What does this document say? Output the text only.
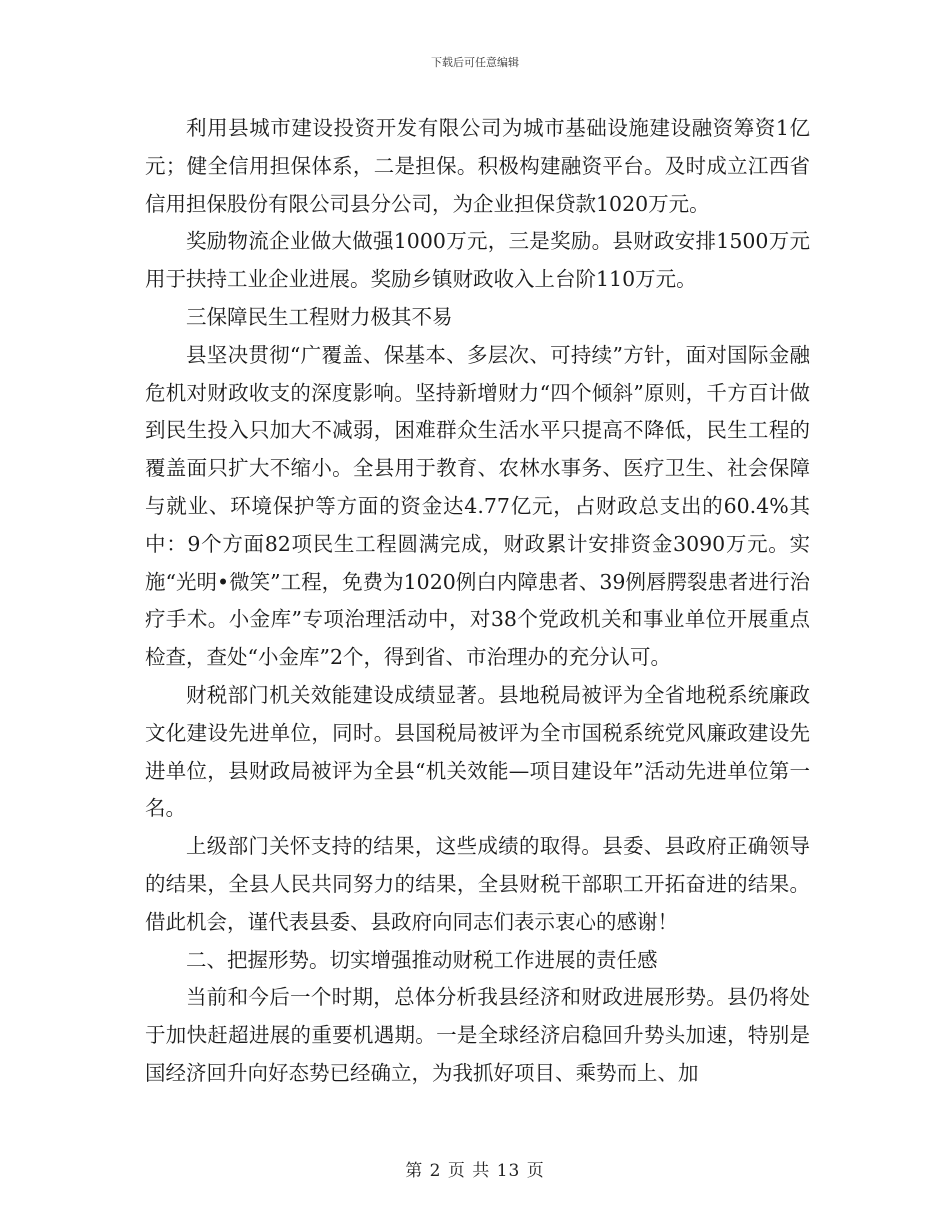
下载后可任意编辑

利用县城市建设投资开发有限公司为城市基础设施建设融资筹资1亿元；健全信用担保体系，二是担保。积极构建融资平台。及时成立江西省信用担保股份有限公司县分公司，为企业担保贷款1020万元。

奖励物流企业做大做强1000万元，三是奖励。县财政安排1500万元用于扶持工业企业进展。奖励乡镇财政收入上台阶110万元。

三保障民生工程财力极其不易

县坚决贯彻“广覆盖、保基本、多层次、可持续”方针，面对国际金融危机对财政收支的深度影响。坚持新增财力“四个倾斜”原则，千方百计做到民生投入只加大不减弱，困难群众生活水平只提高不降低，民生工程的覆盖面只扩大不缩小。全县用于教育、农林水事务、医疗卫生、社会保障与就业、环境保护等方面的资金达4.77亿元，占财政总支出的60.4%其中：9个方面82项民生工程圆满完成，财政累计安排资金3090万元。实施“光明•微笑”工程，免费为1020例白内障患者、39例唇腭裂患者进行治疗手术。小金库”专项治理活动中，对38个党政机关和事业单位开展重点检查，查处“小金库”2个，得到省、市治理办的充分认可。

财税部门机关效能建设成绩显著。县地税局被评为全省地税系统廉政文化建设先进单位，同时。县国税局被评为全市国税系统党风廉政建设先进单位，县财政局被评为全县“机关效能—项目建设年”活动先进单位第一名。

上级部门关怀支持的结果，这些成绩的取得。县委、县政府正确领导的结果，全县人民共同努力的结果，全县财税干部职工开拓奋进的结果。借此机会，谨代表县委、县政府向同志们表示衷心的感谢！

二、把握形势。切实增强推动财税工作进展的责任感

当前和今后一个时期，总体分析我县经济和财政进展形势。县仍将处于加快赶超进展的重要机遇期。一是全球经济启稳回升势头加速，特别是国经济回升向好态势已经确立，为我抓好项目、乘势而上、加

第 2 页 共 13 页
